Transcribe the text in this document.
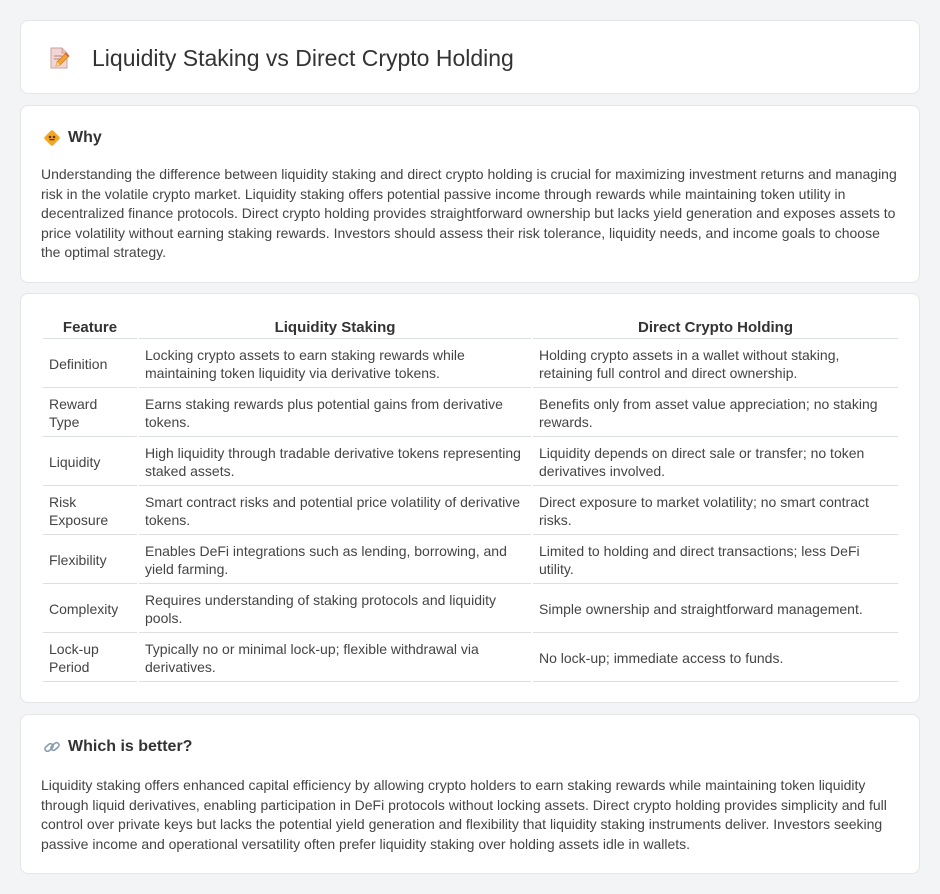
Liquidity Staking vs Direct Crypto Holding
Why

Understanding the difference between liquidity staking and direct crypto holding is crucial for maximizing investment returns and managing risk in the volatile crypto market. Liquidity staking offers potential passive income through rewards while maintaining token utility in decentralized finance protocols. Direct crypto holding provides straightforward ownership but lacks yield generation and exposes assets to price volatility without earning staking rewards. Investors should assess their risk tolerance, liquidity needs, and income goals to choose the optimal strategy.

Feature	Liquidity Staking	Direct Crypto Holding
Definition	Locking crypto assets to earn staking rewards while maintaining token liquidity via derivative tokens.	Holding crypto assets in a wallet without staking, retaining full control and direct ownership.
Reward Type	Earns staking rewards plus potential gains from derivative tokens.	Benefits only from asset value appreciation; no staking rewards.
Liquidity	High liquidity through tradable derivative tokens representing staked assets.	Liquidity depends on direct sale or transfer; no token derivatives involved.
Risk Exposure	Smart contract risks and potential price volatility of derivative tokens.	Direct exposure to market volatility; no smart contract risks.
Flexibility	Enables DeFi integrations such as lending, borrowing, and yield farming.	Limited to holding and direct transactions; less DeFi utility.
Complexity	Requires understanding of staking protocols and liquidity pools.	Simple ownership and straightforward management.
Lock-up Period	Typically no or minimal lock-up; flexible withdrawal via derivatives.	No lock-up; immediate access to funds.
Which is better?

Liquidity staking offers enhanced capital efficiency by allowing crypto holders to earn staking rewards while maintaining token liquidity through liquid derivatives, enabling participation in DeFi protocols without locking assets. Direct crypto holding provides simplicity and full control over private keys but lacks the potential yield generation and flexibility that liquidity staking instruments deliver. Investors seeking passive income and operational versatility often prefer liquidity staking over holding assets idle in wallets.
